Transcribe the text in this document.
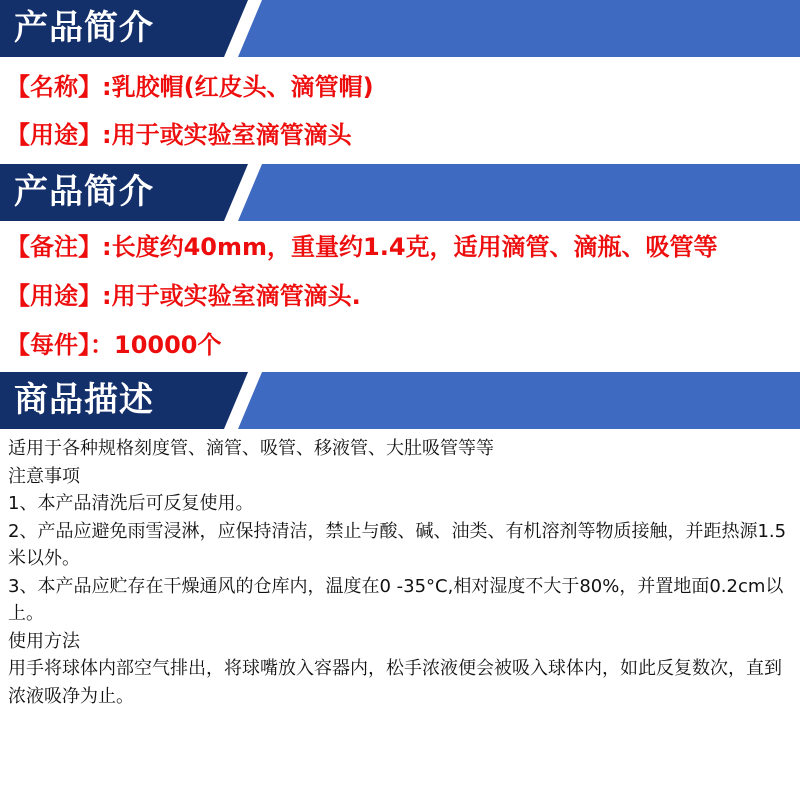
产品简介
【名称】:乳胶帽(红皮头、滴管帽)
【用途】:用于或实验室滴管滴头
产品简介
【备注】:长度约40mm，重量约1.4克，适用滴管、滴瓶、吸管等
【用途】:用于或实验室滴管滴头.
【每件】：10000个
商品描述

适用于各种规格刻度管、滴管、吸管、移液管、大肚吸管等等

注意事项

1、本产品清洗后可反复使用。

2、产品应避免雨雪浸淋，应保持清洁，禁止与酸、碱、油类、有机溶剂等物质接触，并距热源1.5米以外。

3、本产品应贮存在干燥通风的仓库内，温度在0 -35°C,相对湿度不大于80%，并置地面0.2cm以上。

使用方法

用手将球体内部空气排出，将球嘴放入容器内，松手浓液便会被吸入球体内，如此反复数次，直到浓液吸净为止。
